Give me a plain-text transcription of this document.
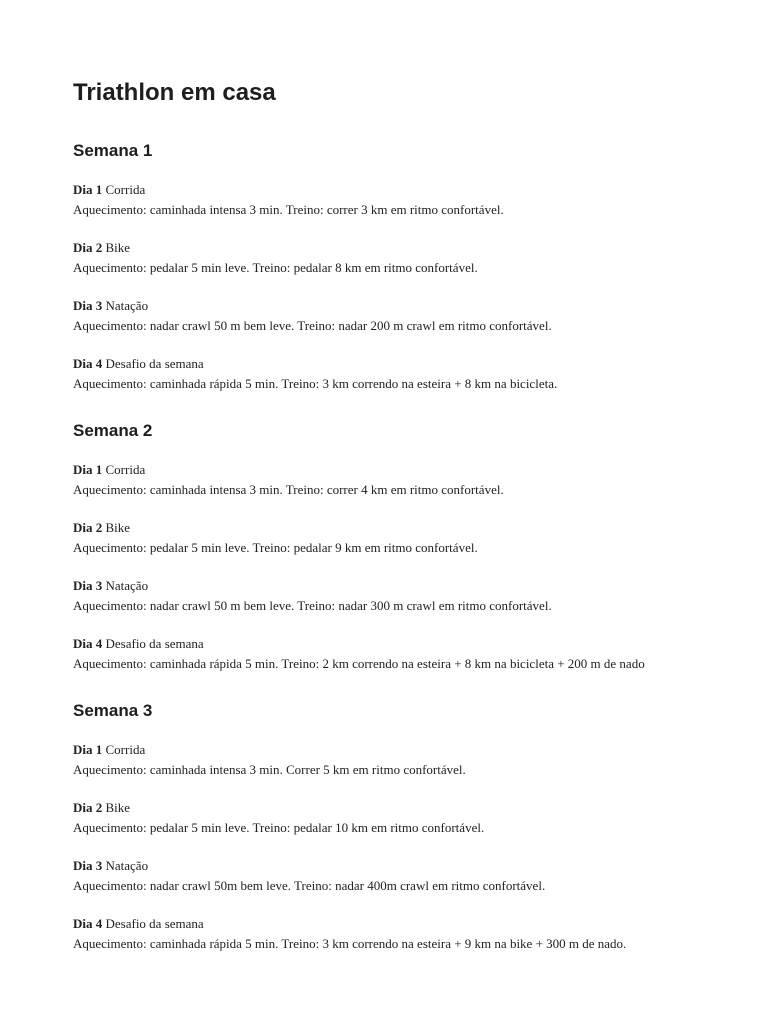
Triathlon em casa
Semana 1
Dia 1 Corrida
Aquecimento: caminhada intensa 3 min. Treino: correr 3 km em ritmo confortável.
Dia 2 Bike
Aquecimento: pedalar 5 min leve. Treino: pedalar 8 km em ritmo confortável.
Dia 3 Natação
Aquecimento: nadar crawl 50 m bem leve. Treino: nadar 200 m crawl em ritmo confortável.
Dia 4 Desafio da semana
Aquecimento: caminhada rápida 5 min. Treino: 3 km correndo na esteira + 8 km na bicicleta.
Semana 2
Dia 1 Corrida
Aquecimento: caminhada intensa 3 min. Treino: correr 4 km em ritmo confortável.
Dia 2 Bike
Aquecimento: pedalar 5 min leve. Treino: pedalar 9 km em ritmo confortável.
Dia 3 Natação
Aquecimento: nadar crawl 50 m bem leve. Treino: nadar 300 m crawl em ritmo confortável.
Dia 4 Desafio da semana
Aquecimento: caminhada rápida 5 min. Treino: 2 km correndo na esteira + 8 km na bicicleta + 200 m de nado
Semana 3
Dia 1 Corrida
Aquecimento: caminhada intensa 3 min. Correr 5 km em ritmo confortável.
Dia 2 Bike
Aquecimento: pedalar 5 min leve. Treino: pedalar 10 km em ritmo confortável.
Dia 3 Natação
Aquecimento: nadar crawl 50m bem leve. Treino: nadar 400m crawl em ritmo confortável.
Dia 4 Desafio da semana
Aquecimento: caminhada rápida 5 min. Treino: 3 km correndo na esteira + 9 km na bike + 300 m de nado.
